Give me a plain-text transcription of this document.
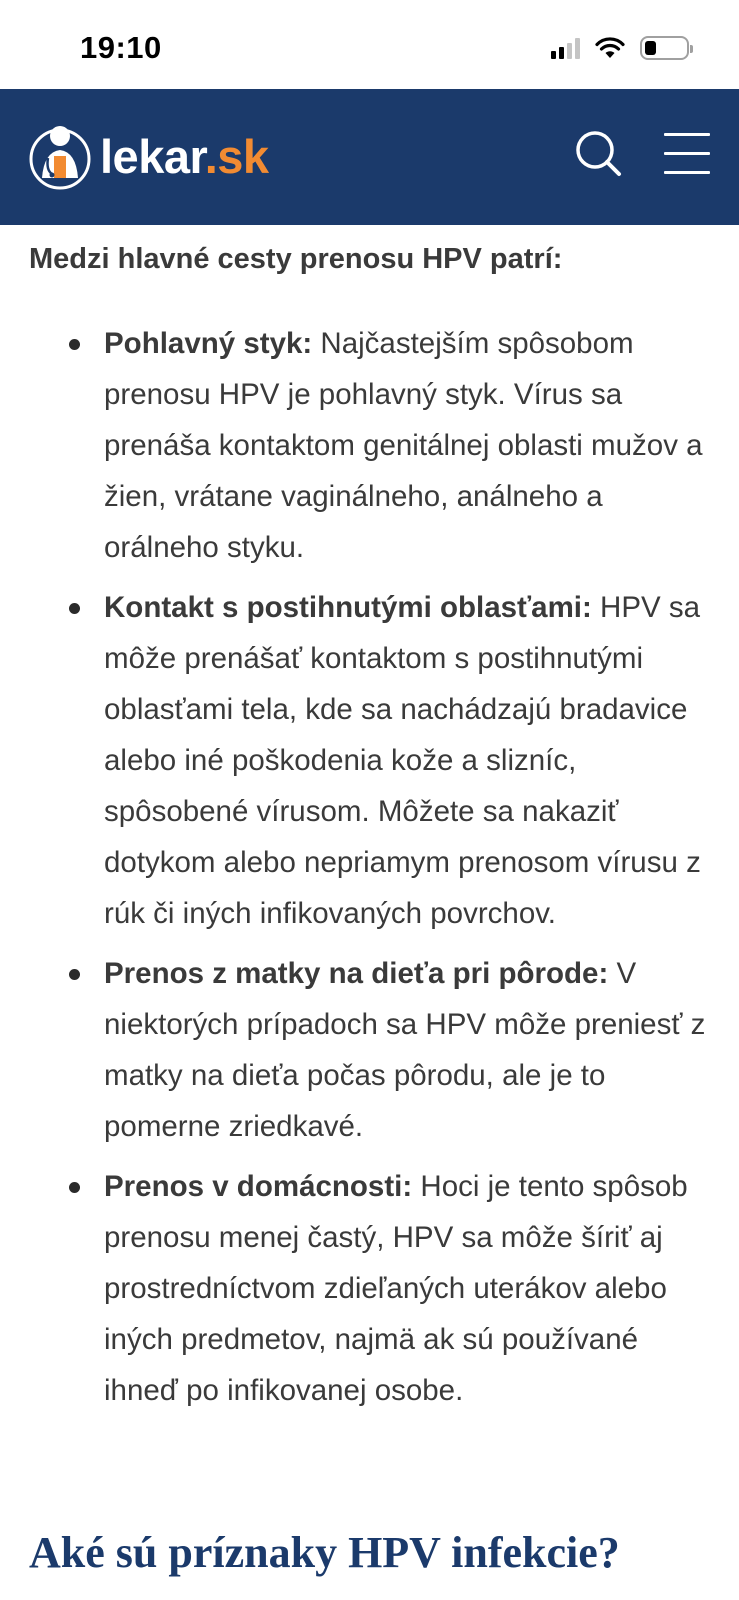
19:10
lekar.sk
Medzi hlavné cesty prenosu HPV patrí:
Pohlavný styk: Najčastejším spôsobom prenosu HPV je pohlavný styk. Vírus sa prenáša kontaktom genitálnej oblasti mužov a žien, vrátane vaginálneho, análneho a orálneho styku.
Kontakt s postihnutými oblasťami: HPV sa môže prenášať kontaktom s postihnutými oblasťami tela, kde sa nachádzajú bradavice alebo iné poškodenia kože a slizníc, spôsobené vírusom. Môžete sa nakaziť dotykom alebo nepriamym prenosom vírusu z rúk či iných infikovaných povrchov.
Prenos z matky na dieťa pri pôrode: V niektorých prípadoch sa HPV môže preniesť z matky na dieťa počas pôrodu, ale je to pomerne zriedkavé.
Prenos v domácnosti: Hoci je tento spôsob prenosu menej častý, HPV sa môže šíriť aj prostredníctvom zdieľaných uterákov alebo iných predmetov, najmä ak sú používané ihneď po infikovanej osobe.
Aké sú príznaky HPV infekcie?
